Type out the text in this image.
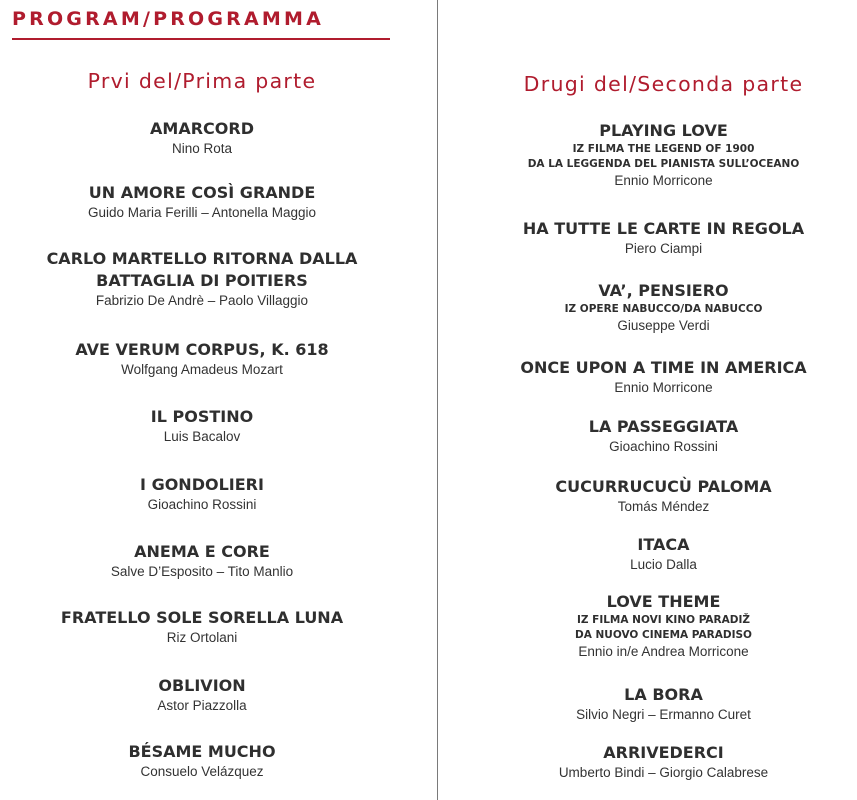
PROGRAM/PROGRAMMA
Prvi del/Prima parte
AMARCORD
Nino Rota
UN AMORE COSÌ GRANDE
Guido Maria Ferilli – Antonella Maggio
CARLO MARTELLO RITORNA DALLA
BATTAGLIA DI POITIERS
Fabrizio De Andrè – Paolo Villaggio
AVE VERUM CORPUS, K. 618
Wolfgang Amadeus Mozart
IL POSTINO
Luis Bacalov
I GONDOLIERI
Gioachino Rossini
ANEMA E CORE
Salve D’Esposito – Tito Manlio
FRATELLO SOLE SORELLA LUNA
Riz Ortolani
OBLIVION
Astor Piazzolla
BÉSAME MUCHO
Consuelo Velázquez
Drugi del/Seconda parte
PLAYING LOVE
IZ FILMA THE LEGEND OF 1900
DA LA LEGGENDA DEL PIANISTA SULL’OCEANO
Ennio Morricone
HA TUTTE LE CARTE IN REGOLA
Piero Ciampi
VA’, PENSIERO
IZ OPERE NABUCCO/DA NABUCCO
Giuseppe Verdi
ONCE UPON A TIME IN AMERICA
Ennio Morricone
LA PASSEGGIATA
Gioachino Rossini
CUCURRUCUCÙ PALOMA
Tomás Méndez
ITACA
Lucio Dalla
LOVE THEME
IZ FILMA NOVI KINO PARADIŽ
DA NUOVO CINEMA PARADISO
Ennio in/e Andrea Morricone
LA BORA
Silvio Negri – Ermanno Curet
ARRIVEDERCI
Umberto Bindi – Giorgio Calabrese
